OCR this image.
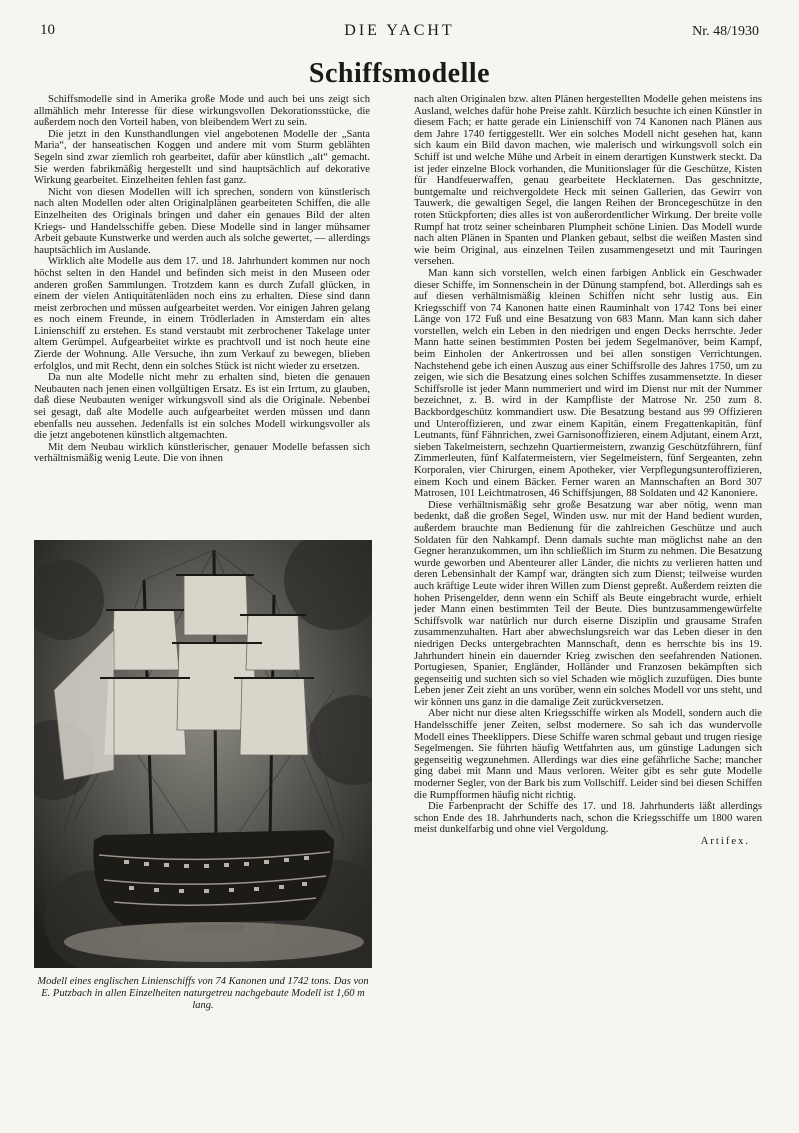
10	DIE YACHT	Nr. 48/1930
Schiffsmodelle

Schiffsmodelle sind in Amerika große Mode und auch bei uns zeigt sich allmählich mehr Interesse für diese wirkungsvollen Dekorationsstücke, die außerdem noch den Vorteil haben, von bleibendem Wert zu sein.

Die jetzt in den Kunsthandlungen viel angebotenen Modelle der „Santa Maria“, der hanseatischen Koggen und andere mit vom Sturm geblähten Segeln sind zwar ziemlich roh gearbeitet, dafür aber künstlich „alt“ gemacht. Sie werden fabrikmäßig hergestellt und sind hauptsächlich auf dekorative Wirkung gearbeitet. Einzelheiten fehlen fast ganz.

Nicht von diesen Modellen will ich sprechen, sondern von künstlerisch nach alten Modellen oder alten Originalplänen gearbeiteten Schiffen, die alle Einzelheiten des Originals bringen und daher ein genaues Bild der alten Kriegs- und Handelsschiffe geben. Diese Modelle sind in langer mühsamer Arbeit gebaute Kunstwerke und werden auch als solche gewertet, — allerdings hauptsächlich im Auslande.

Wirklich alte Modelle aus dem 17. und 18. Jahrhundert kommen nur noch höchst selten in den Handel und befinden sich meist in den Museen oder anderen großen Sammlungen. Trotzdem kann es durch Zufall glücken, in einem der vielen Antiquitätenläden noch eins zu erhalten. Diese sind dann meist zerbrochen und müssen aufgearbeitet werden. Vor einigen Jahren gelang es noch einem Freunde, in einem Trödlerladen in Amsterdam ein altes Linienschiff zu erstehen. Es stand verstaubt mit zerbrochener Takelage unter altem Gerümpel. Aufgearbeitet wirkte es prachtvoll und ist noch heute eine Zierde der Wohnung. Alle Versuche, ihn zum Verkauf zu bewegen, blieben erfolglos, und mit Recht, denn ein solches Stück ist nicht wieder zu ersetzen.

Da nun alte Modelle nicht mehr zu erhalten sind, bieten die genauen Neubauten nach jenen einen vollgültigen Ersatz. Es ist ein Irrtum, zu glauben, daß diese Neubauten weniger wirkungsvoll sind als die Originale. Nebenbei sei gesagt, daß alte Modelle auch aufgearbeitet werden müssen und dann ebenfalls neu aussehen. Jedenfalls ist ein solches Modell wirkungsvoller als die jetzt angebotenen künstlich altgemachten.

Mit dem Neubau wirklich künstlerischer, genauer Modelle befassen sich verhältnismäßig wenig Leute. Die von ihnen

Modell eines englischen Linienschiffs von 74 Kanonen und 1742 tons. Das von E. Putzbach in allen Einzelheiten naturgetreu nachgebaute Modell ist 1,60 m lang.

nach alten Originalen bzw. alten Plänen hergestellten Modelle gehen meistens ins Ausland, welches dafür hohe Preise zahlt. Kürzlich besuchte ich einen Künstler in diesem Fach; er hatte gerade ein Linienschiff von 74 Kanonen nach Plänen aus dem Jahre 1740 fertiggestellt. Wer ein solches Modell nicht gesehen hat, kann sich kaum ein Bild davon machen, wie malerisch und wirkungsvoll solch ein Schiff ist und welche Mühe und Arbeit in einem derartigen Kunstwerk steckt. Da ist jeder einzelne Block vorhanden, die Munitionslager für die Geschütze, Kisten für Handfeuerwaffen, genau gearbeitete Hecklaternen. Das geschnitzte, buntgemalte und reichvergoldete Heck mit seinen Gallerien, das Gewirr von Tauwerk, die gewaltigen Segel, die langen Reihen der Broncegeschütze in den roten Stückpforten; dies alles ist von außerordentlicher Wirkung. Der breite volle Rumpf hat trotz seiner scheinbaren Plumpheit schöne Linien. Das Modell wurde nach alten Plänen in Spanten und Planken gebaut, selbst die weißen Masten sind wie beim Original, aus einzelnen Teilen zusammengesetzt und mit Tauringen versehen.

Man kann sich vorstellen, welch einen farbigen Anblick ein Geschwader dieser Schiffe, im Sonnenschein in der Dünung stampfend, bot. Allerdings sah es auf diesen verhältnismäßig kleinen Schiffen nicht sehr lustig aus. Ein Kriegsschiff von 74 Kanonen hatte einen Rauminhalt von 1742 Tons bei einer Länge von 172 Fuß und eine Besatzung von 683 Mann. Man kann sich daher vorstellen, welch ein Leben in den niedrigen und engen Decks herrschte. Jeder Mann hatte seinen bestimmten Posten bei jedem Segelmanöver, beim Kampf, beim Einholen der Ankertrossen und bei allen sonstigen Verrichtungen. Nachstehend gebe ich einen Auszug aus einer Schiffsrolle des Jahres 1750, um zu zeigen, wie sich die Besatzung eines solchen Schiffes zusammensetzte. In dieser Schiffsrolle ist jeder Mann nummeriert und wird im Dienst nur mit der Nummer bezeichnet, z. B. wird in der Kampfliste der Matrose Nr. 250 zum 8. Backbordgeschütz kommandiert usw. Die Besatzung bestand aus 99 Offizieren und Unteroffizieren, und zwar einem Kapitän, einem Fregattenkapitän, fünf Leutnants, fünf Fähnrichen, zwei Garnisonoffizieren, einem Adjutant, einem Arzt, sieben Takelmeistern, sechzehn Quartiermeistern, zwanzig Geschützführern, fünf Zimmerleuten, fünf Kalfatermeistern, vier Segelmeistern, fünf Sergeanten, zehn Korporalen, vier Chirurgen, einem Apotheker, vier Verpflegungsunteroffizieren, einem Koch und einem Bäcker. Ferner waren an Mannschaften an Bord 307 Matrosen, 101 Leichtmatrosen, 46 Schiffsjungen, 88 Soldaten und 42 Kanoniere.

Diese verhältnismäßig sehr große Besatzung war aber nötig, wenn man bedenkt, daß die großen Segel, Winden usw. nur mit der Hand bedient wurden, außerdem brauchte man Bedienung für die zahlreichen Geschütze und auch Soldaten für den Nahkampf. Denn damals suchte man möglichst nahe an den Gegner heranzukommen, um ihn schließlich im Sturm zu nehmen. Die Besatzung wurde geworben und Abenteurer aller Länder, die nichts zu verlieren hatten und deren Lebensinhalt der Kampf war, drängten sich zum Dienst; teilweise wurden auch kräftige Leute wider ihren Willen zum Dienst gepreßt. Außerdem reizten die hohen Prisengelder, denn wenn ein Schiff als Beute eingebracht wurde, erhielt jeder Mann einen bestimmten Teil der Beute. Dies buntzusammengewürfelte Schiffsvolk war natürlich nur durch eiserne Disziplin und grausame Strafen zusammenzuhalten. Hart aber abwechslungsreich war das Leben dieser in den niedrigen Decks untergebrachten Mannschaft, denn es herrschte bis ins 19. Jahrhundert hinein ein dauernder Krieg zwischen den seefahrenden Nationen. Portugiesen, Spanier, Engländer, Holländer und Franzosen bekämpften sich gegenseitig und suchten sich so viel Schaden wie möglich zuzufügen. Dies bunte Leben jener Zeit zieht an uns vorüber, wenn ein solches Modell vor uns steht, und wir können uns ganz in die damalige Zeit zurückversetzen.

Aber nicht nur diese alten Kriegsschiffe wirken als Modell, sondern auch die Handelsschiffe jener Zeiten, selbst modernere. So sah ich das wundervolle Modell eines Theeklippers. Diese Schiffe waren schmal gebaut und trugen riesige Segelmengen. Sie führten häufig Wettfahrten aus, um günstige Ladungen sich gegenseitig wegzunehmen. Allerdings war dies eine gefährliche Sache; mancher ging dabei mit Mann und Maus verloren. Weiter gibt es sehr gute Modelle moderner Segler, von der Bark bis zum Vollschiff. Leider sind bei diesen Schiffen die Rumpfformen häufig nicht richtig.

Die Farbenpracht der Schiffe des 17. und 18. Jahrhunderts läßt allerdings schon Ende des 18. Jahrhunderts nach, schon die Kriegsschiffe um 1800 waren meist dunkelfarbig und ohne viel Vergoldung.

Artifex.
